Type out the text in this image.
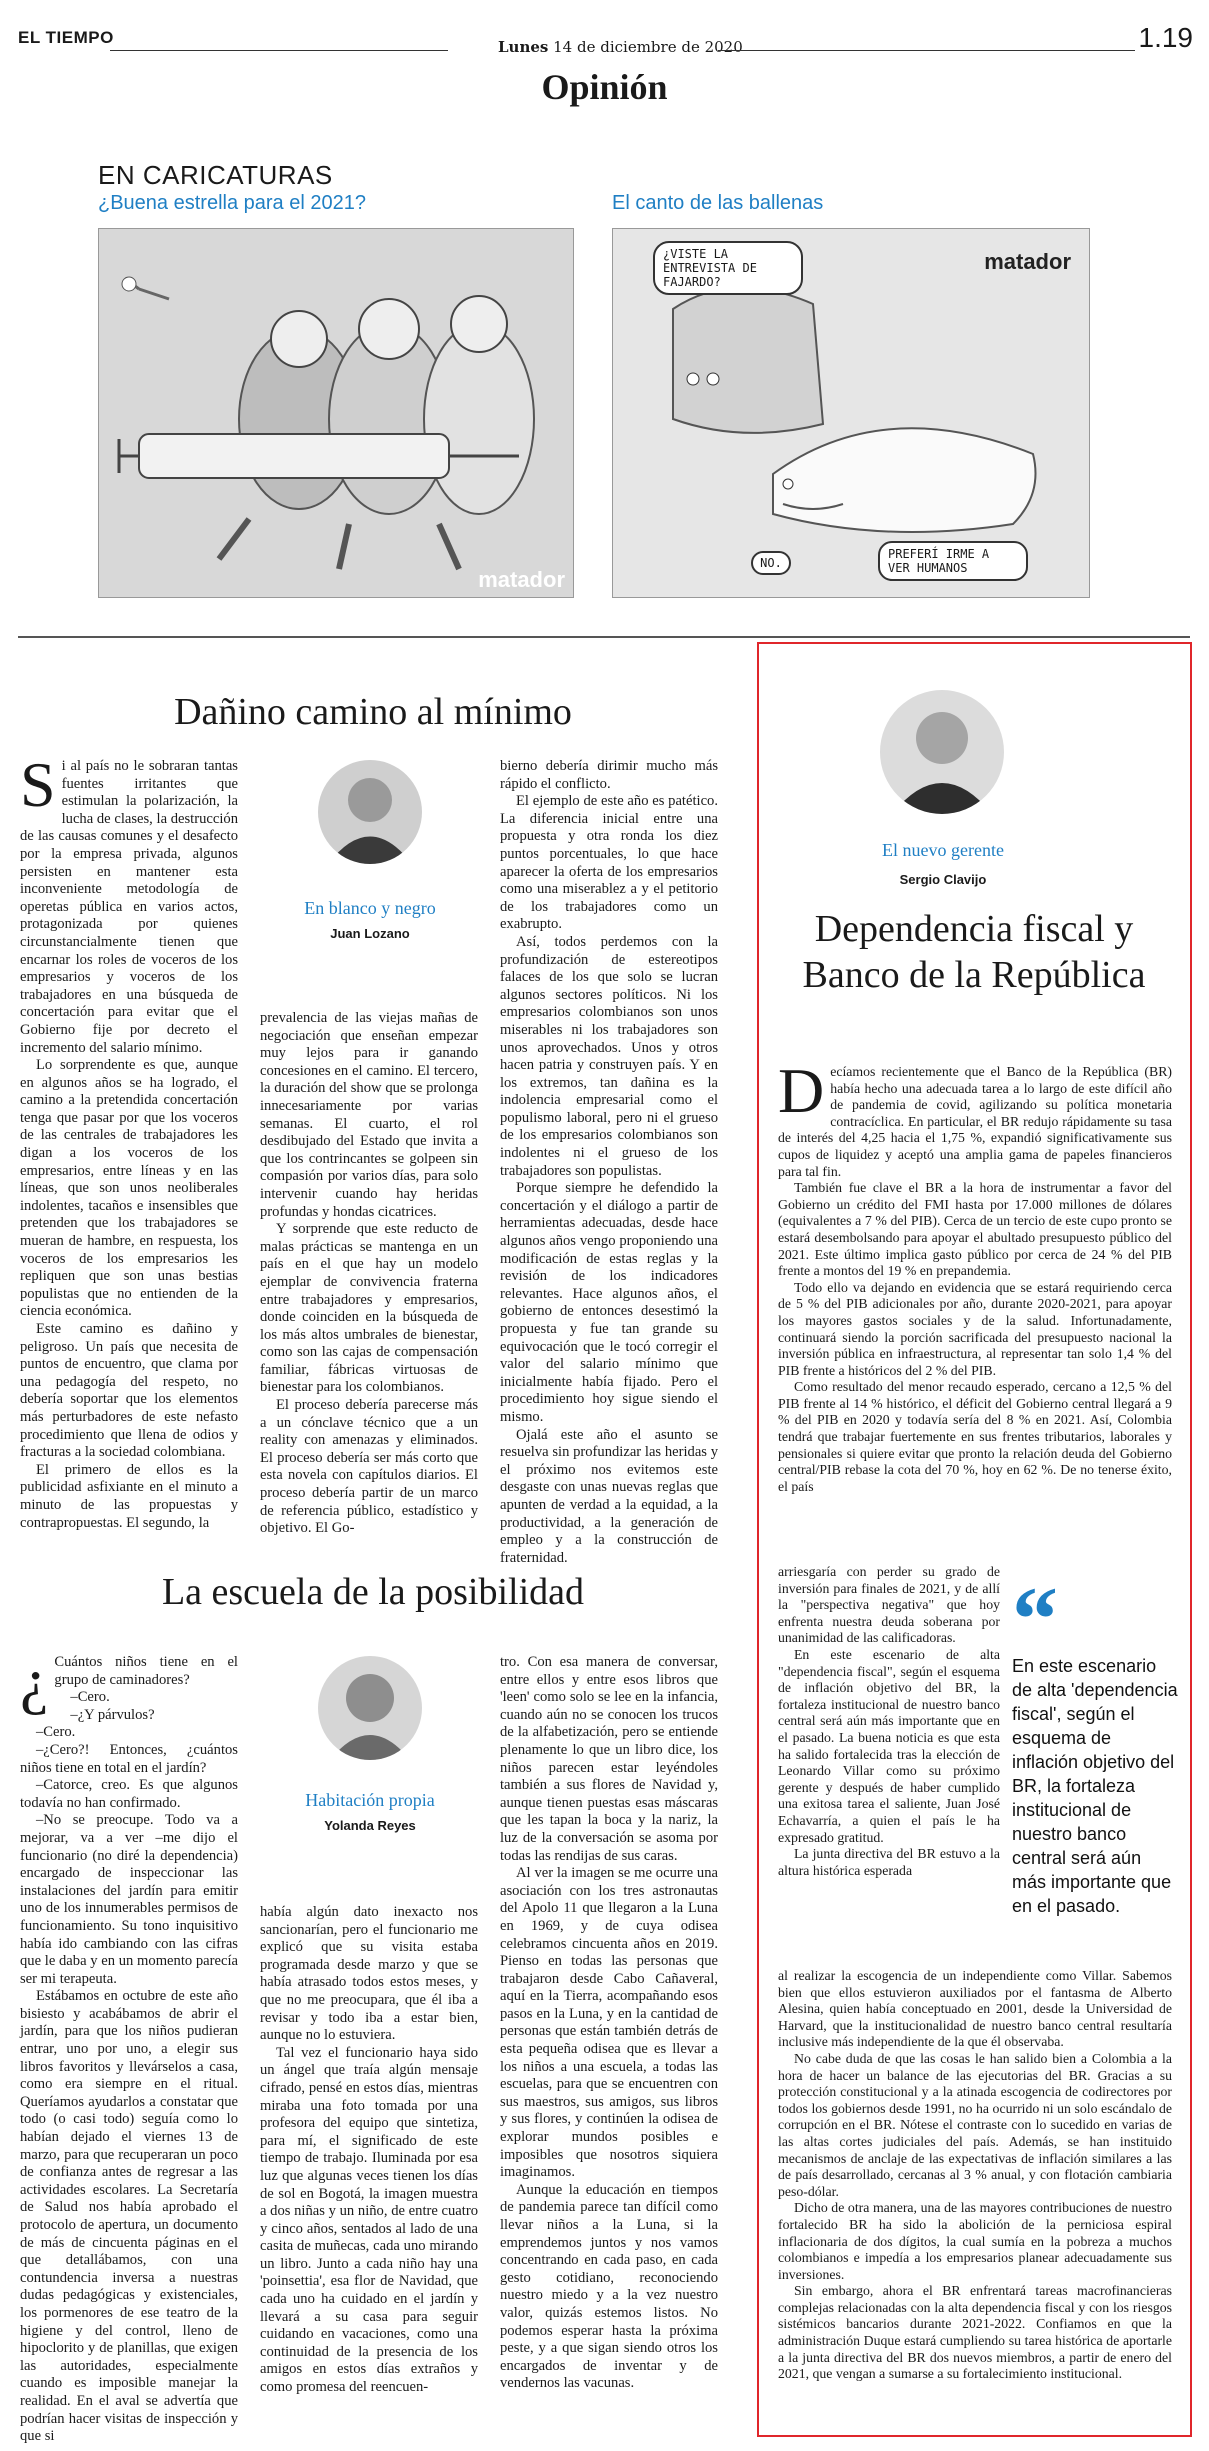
EL TIEMPO	Lunes 14 de diciembre de 2020	1.19
Opinión
EN CARICATURAS
¿Buena estrella para el 2021?	El canto de las ballenas
matador
¿VISTE LA ENTREVISTA DE FAJARDO?
NO.
PREFERÍ IRME A VER HUMANOS
matador
Dañino camino al mínimo

Si al país no le sobraran tantas fuentes irritantes que estimulan la polarización, la lucha de clases, la destrucción de las causas comunes y el desafecto por la empresa privada, algunos persisten en mantener esta inconveniente metodología de operetas pública en varios actos, protagonizada por quienes circunstancialmente tienen que encarnar los roles de voceros de los empresarios y voceros de los trabajadores en una búsqueda de concertación para evitar que el Gobierno fije por decreto el incremento del salario mínimo.

Lo sorprendente es que, aunque en algunos años se ha logrado, el camino a la pretendida concertación tenga que pasar por que los voceros de las centrales de trabajadores les digan a los voceros de los empresarios, entre líneas y en las líneas, que son unos neoliberales indolentes, tacaños e insensibles que pretenden que los trabajadores se mueran de hambre, en respuesta, los voceros de los empresarios les repliquen que son unas bestias populistas que no entienden de la ciencia económica.

Este camino es dañino y peligroso. Un país que necesita de puntos de encuentro, que clama por una pedagogía del respeto, no debería soportar que los elementos más perturbadores de este nefasto procedimiento que llena de odios y fracturas a la sociedad colombiana.

El primero de ellos es la publicidad asfixiante en el minuto a minuto de las propuestas y contrapropuestas. El segundo, la

En blanco y negro
Juan Lozano

prevalencia de las viejas mañas de negociación que enseñan empezar muy lejos para ir ganando concesiones en el camino. El tercero, la duración del show que se prolonga innecesariamente por varias semanas. El cuarto, el rol desdibujado del Estado que invita a que los contrincantes se golpeen sin compasión por varios días, para solo intervenir cuando hay heridas profundas y hondas cicatrices.

Y sorprende que este reducto de malas prácticas se mantenga en un país en el que hay un modelo ejemplar de convivencia fraterna entre trabajadores y empresarios, donde coinciden en la búsqueda de los más altos umbrales de bienestar, como son las cajas de compensación familiar, fábricas virtuosas de bienestar para los colombianos.

El proceso debería parecerse más a un cónclave técnico que a un reality con amenazas y eliminados. El proceso debería ser más corto que esta novela con capítulos diarios. El proceso debería partir de un marco de referencia público, estadístico y objetivo. El Go-

bierno debería dirimir mucho más rápido el conflicto.

El ejemplo de este año es patético. La diferencia inicial entre una propuesta y otra ronda los diez puntos porcentuales, lo que hace aparecer la oferta de los empresarios como una miserablez a y el petitorio de los trabajadores como un exabrupto.

Así, todos perdemos con la profundización de estereotipos falaces de los que solo se lucran algunos sectores políticos. Ni los empresarios colombianos son unos miserables ni los trabajadores son unos aprovechados. Unos y otros hacen patria y construyen país. Y en los extremos, tan dañina es la indolencia empresarial como el populismo laboral, pero ni el grueso de los empresarios colombianos son indolentes ni el grueso de los trabajadores son populistas.

Porque siempre he defendido la concertación y el diálogo a partir de herramientas adecuadas, desde hace algunos años vengo proponiendo una modificación de estas reglas y la revisión de los indicadores relevantes. Hace algunos años, el gobierno de entonces desestimó la propuesta y fue tan grande su equivocación que le tocó corregir el valor del salario mínimo que inicialmente había fijado. Pero el procedimiento hoy sigue siendo el mismo.

Ojalá este año el asunto se resuelva sin profundizar las heridas y el próximo nos evitemos este desgaste con unas nuevas reglas que apunten de verdad a la equidad, a la productividad, a la generación de empleo y a la construcción de fraternidad.

La escuela de la posibilidad

¿ Cuántos niños tiene en el grupo de caminadores?

–Cero.

–¿Y párvulos?

–Cero.

–¿Cero?! Entonces, ¿cuántos niños tiene en total en el jardín?

–Catorce, creo. Es que algunos todavía no han confirmado.

–No se preocupe. Todo va a mejorar, va a ver –me dijo el funcionario (no diré la dependencia) encargado de inspeccionar las instalaciones del jardín para emitir uno de los innumerables permisos de funcionamiento. Su tono inquisitivo había ido cambiando con las cifras que le daba y en un momento parecía ser mi terapeuta.

Estábamos en octubre de este año bisiesto y acabábamos de abrir el jardín, para que los niños pudieran entrar, uno por uno, a elegir sus libros favoritos y llevárselos a casa, como era siempre en el ritual. Queríamos ayudarlos a constatar que todo (o casi todo) seguía como lo habían dejado el viernes 13 de marzo, para que recuperaran un poco de confianza antes de regresar a las actividades escolares. La Secretaría de Salud nos había aprobado el protocolo de apertura, un documento de más de cincuenta páginas en el que detallábamos, con una contundencia inversa a nuestras dudas pedagógicas y existenciales, los pormenores de ese teatro de la higiene y del control, lleno de hipoclorito y de planillas, que exigen las autoridades, especialmente cuando es imposible manejar la realidad. En el aval se advertía que podrían hacer visitas de inspección y que si

Habitación propia
Yolanda Reyes

había algún dato inexacto nos sancionarían, pero el funcionario me explicó que su visita estaba programada desde marzo y que se había atrasado todos estos meses, y que no me preocupara, que él iba a revisar y todo iba a estar bien, aunque no lo estuviera.

Tal vez el funcionario haya sido un ángel que traía algún mensaje cifrado, pensé en estos días, mientras miraba una foto tomada por una profesora del equipo que sintetiza, para mí, el significado de este tiempo de trabajo. Iluminada por esa luz que algunas veces tienen los días de sol en Bogotá, la imagen muestra a dos niñas y un niño, de entre cuatro y cinco años, sentados al lado de una casita de muñecas, cada uno mirando un libro. Junto a cada niño hay una 'poinsettia', esa flor de Navidad, que cada uno ha cuidado en el jardín y llevará a su casa para seguir cuidando en vacaciones, como una continuidad de la presencia de los amigos en estos días extraños y como promesa del reencuen-

tro. Con esa manera de conversar, entre ellos y entre esos libros que 'leen' como solo se lee en la infancia, cuando aún no se conocen los trucos de la alfabetización, pero se entiende plenamente lo que un libro dice, los niños parecen estar leyéndoles también a sus flores de Navidad y, aunque tienen puestas esas máscaras que les tapan la boca y la nariz, la luz de la conversación se asoma por todas las rendijas de sus caras.

Al ver la imagen se me ocurre una asociación con los tres astronautas del Apolo 11 que llegaron a la Luna en 1969, y de cuya odisea celebramos cincuenta años en 2019. Pienso en todas las personas que trabajaron desde Cabo Cañaveral, aquí en la Tierra, acompañando esos pasos en la Luna, y en la cantidad de personas que están también detrás de esta pequeña odisea que es llevar a los niños a una escuela, a todas las escuelas, para que se encuentren con sus maestros, sus amigos, sus libros y sus flores, y continúen la odisea de explorar mundos posibles e imposibles que nosotros siquiera imaginamos.

Aunque la educación en tiempos de pandemia parece tan difícil como llevar niños a la Luna, si la emprendemos juntos y nos vamos concentrando en cada paso, en cada gesto cotidiano, reconociendo nuestro miedo y a la vez nuestro valor, quizás estemos listos. No podemos esperar hasta la próxima peste, y a que sigan siendo otros los encargados de inventar y de vendernos las vacunas.

El nuevo gerente
Sergio Clavijo
Dependencia fiscal y Banco de la República

Decíamos recientemente que el Banco de la República (BR) había hecho una adecuada tarea a lo largo de este difícil año de pandemia de covid, agilizando su política monetaria contracíclica. En particular, el BR redujo rápidamente su tasa de interés del 4,25 hacia el 1,75 %, expandió significativamente sus cupos de liquidez y aceptó una amplia gama de papeles financieros para tal fin.

También fue clave el BR a la hora de instrumentar a favor del Gobierno un crédito del FMI hasta por 17.000 millones de dólares (equivalentes a 7 % del PIB). Cerca de un tercio de este cupo pronto se estará desembolsando para apoyar el abultado presupuesto público del 2021. Este último implica gasto público por cerca de 24 % del PIB frente a montos del 19 % en prepandemia.

Todo ello va dejando en evidencia que se estará requiriendo cerca de 5 % del PIB adicionales por año, durante 2020-2021, para apoyar los mayores gastos sociales y de la salud. Infortunadamente, continuará siendo la porción sacrificada del presupuesto nacional la inversión pública en infraestructura, al representar tan solo 1,4 % del PIB frente a históricos del 2 % del PIB.

Como resultado del menor recaudo esperado, cercano a 12,5 % del PIB frente al 14 % histórico, el déficit del Gobierno central llegará a 9 % del PIB en 2020 y todavía sería del 8 % en 2021. Así, Colombia tendrá que trabajar fuertemente en sus frentes tributarios, laborales y pensionales si quiere evitar que pronto la relación deuda del Gobierno central/PIB rebase la cota del 70 %, hoy en 62 %. De no tenerse éxito, el país

arriesgaría con perder su grado de inversión para finales de 2021, y de allí la "perspectiva negativa" que hoy enfrenta nuestra deuda soberana por unanimidad de las calificadoras.

En este escenario de alta "dependencia fiscal", según el esquema de inflación objetivo del BR, la fortaleza institucional de nuestro banco central será aún más importante que en el pasado. La buena noticia es que esta ha salido fortalecida tras la elección de Leonardo Villar como su próximo gerente y después de haber cumplido una exitosa tarea el saliente, Juan José Echavarría, a quien el país le ha expresado gratitud.

La junta directiva del BR estuvo a la altura histórica esperada

“
En este escenario de alta 'dependencia fiscal', según el esquema de inflación objetivo del BR, la fortaleza institucional de nuestro banco central será aún más importante que en el pasado.

al realizar la escogencia de un independiente como Villar. Sabemos bien que ellos estuvieron auxiliados por el fantasma de Alberto Alesina, quien había conceptuado en 2001, desde la Universidad de Harvard, que la institucionalidad de nuestro banco central resultaría inclusive más independiente de la que él observaba.

No cabe duda de que las cosas le han salido bien a Colombia a la hora de hacer un balance de las ejecutorias del BR. Gracias a su protección constitucional y a la atinada escogencia de codirectores por todos los gobiernos desde 1991, no ha ocurrido ni un solo escándalo de corrupción en el BR. Nótese el contraste con lo sucedido en varias de las altas cortes judiciales del país. Además, se han instituido mecanismos de anclaje de las expectativas de inflación similares a las de país desarrollado, cercanas al 3 % anual, y con flotación cambiaria peso-dólar.

Dicho de otra manera, una de las mayores contribuciones de nuestro fortalecido BR ha sido la abolición de la perniciosa espiral inflacionaria de dos dígitos, la cual sumía en la pobreza a muchos colombianos e impedía a los empresarios planear adecuadamente sus inversiones.

Sin embargo, ahora el BR enfrentará tareas macrofinancieras complejas relacionadas con la alta dependencia fiscal y con los riesgos sistémicos bancarios durante 2021-2022. Confiamos en que la administración Duque estará cumpliendo su tarea histórica de aportarle a la junta directiva del BR dos nuevos miembros, a partir de enero del 2021, que vengan a sumarse a su fortalecimiento institucional.
